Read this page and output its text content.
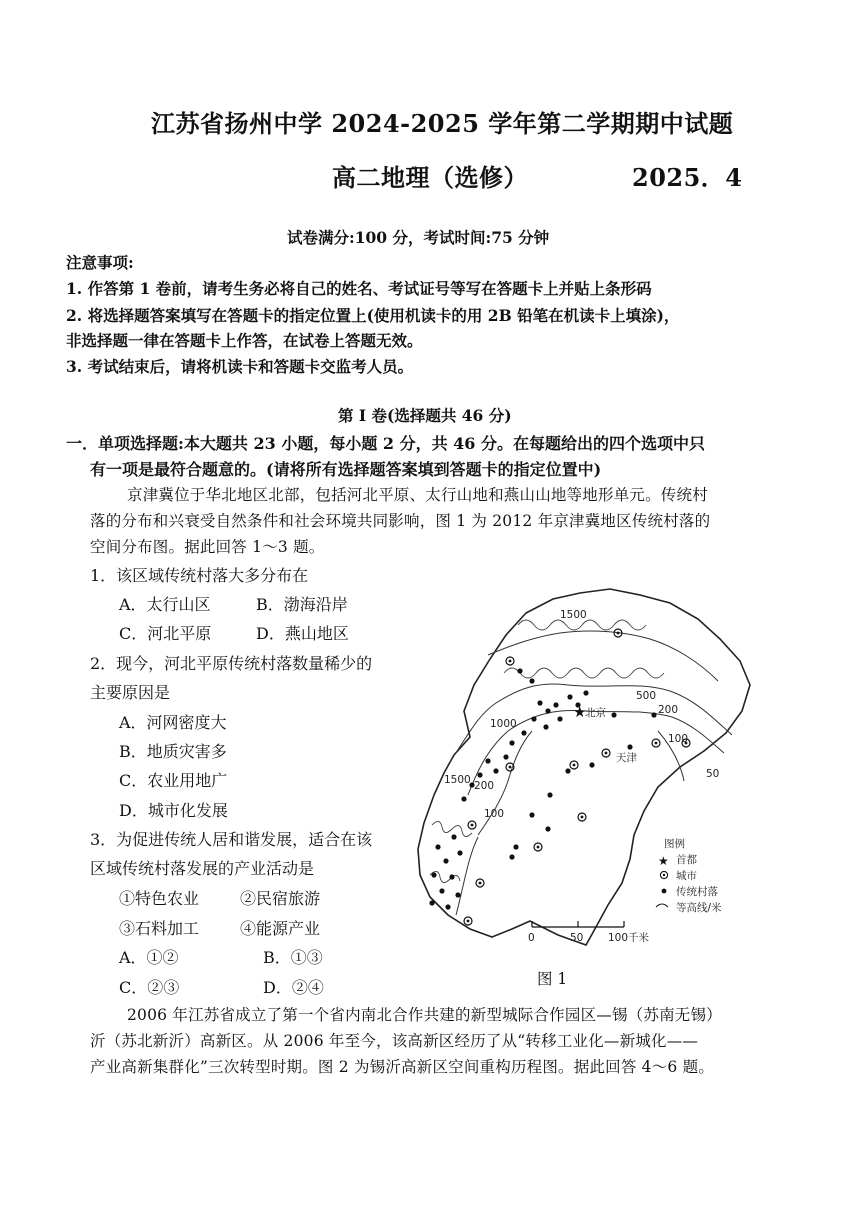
江苏省扬州中学 2024-2025 学年第二学期期中试题
高二地理（选修）	2025．4
试卷满分:100 分，考试时间:75 分钟
注意事项:
1. 作答第 1 卷前，请考生务必将自己的姓名、考试证号等写在答题卡上并贴上条形码
2. 将选择题答案填写在答题卡的指定位置上(使用机读卡的用 2B 铅笔在机读卡上填涂)，
非选择题一律在答题卡上作答，在试卷上答题无效。
3. 考试结束后，请将机读卡和答题卡交监考人员。
第 I 卷(选择题共 46 分)
一．单项选择题:本大题共 23 小题，每小题 2 分，共 46 分。在每题给出的四个选项中只
有一项是最符合题意的。(请将所有选择题答案填到答题卡的指定位置中)
京津冀位于华北地区北部，包括河北平原、太行山地和燕山山地等地形单元。传统村
落的分布和兴衰受自然条件和社会环境共同影响，图 1 为 2012 年京津冀地区传统村落的
空间分布图。据此回答 1～3 题。
1．该区域传统村落大多分布在
A．太行山区	B．渤海沿岸
C．河北平原	D．燕山地区
2．现今，河北平原传统村落数量稀少的
主要原因是
A．河网密度大
B．地质灾害多
C．农业用地广
D．城市化发展
3．为促进传统人居和谐发展，适合在该
区域传统村落发展的产业活动是
①特色农业	②民宿旅游
③石料加工	④能源产业
A．①②	B．①③
C．②③	D．②④
★
北京
天津
1500
1500
500
200
200
1000
100
100
50
图例
★ 首都
城市
传统村落
等高线/米
0	50 100千米
图 1
2006 年江苏省成立了第一个省内南北合作共建的新型城际合作园区—锡（苏南无锡）
沂（苏北新沂）高新区。从 2006 年至今，该高新区经历了从“转移工业化—新城化——
产业高新集群化”三次转型时期。图 2 为锡沂高新区空间重构历程图。据此回答 4～6 题。
